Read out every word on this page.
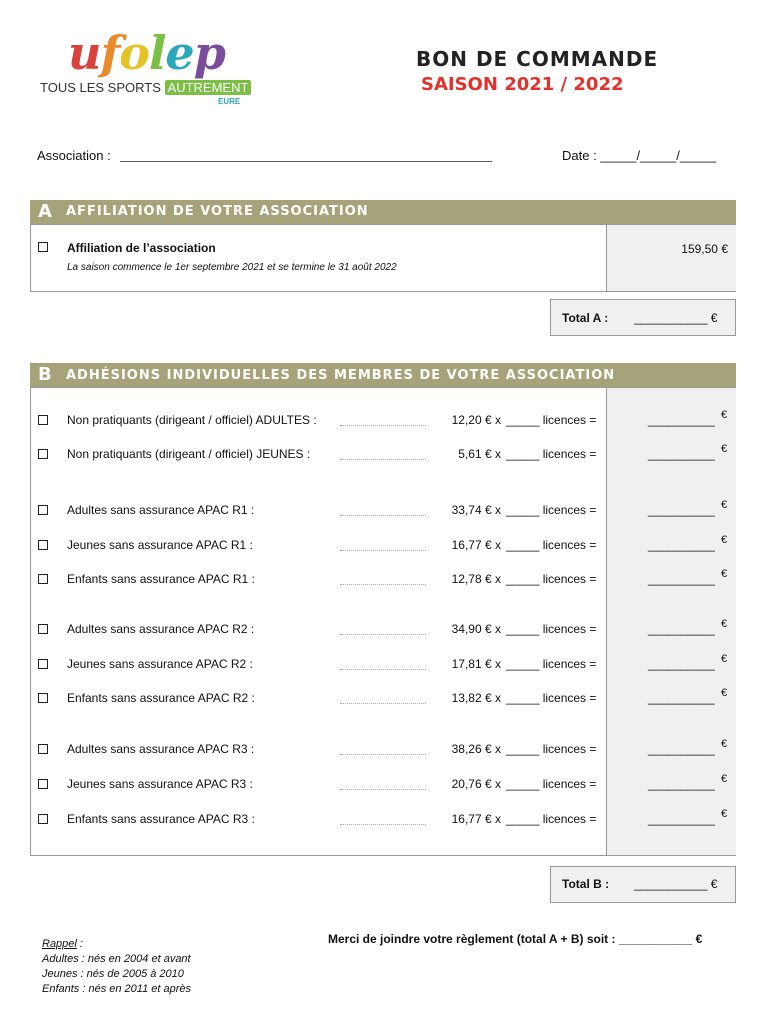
ufolep
TOUS LES SPORTS AUTREMENT
EURE
BON DE COMMANDE
SAISON 2021 / 2022
Association :	Date : _____/_____/_____
A AFFILIATION DE VOTRE ASSOCIATION
Affiliation de l’association
La saison commence le 1er septembre 2021 et se termine le 31 août 2022
159,50 €
Total A : ___________ €
B ADHÉSIONS INDIVIDUELLES DES MEMBRES DE VOTRE ASSOCIATION
Non pratiquants (dirigeant / officiel) ADULTES :	12,20 € x _____ licences =	__________ €
Non pratiquants (dirigeant / officiel) JEUNES :	5,61 € x _____ licences =	__________ €
Adultes sans assurance APAC R1 :	33,74 € x _____ licences =	__________ €
Jeunes sans assurance APAC R1 :	16,77 € x _____ licences =	__________ €
Enfants sans assurance APAC R1 :	12,78 € x _____ licences =	__________ €
Adultes sans assurance APAC R2 :	34,90 € x _____ licences =	__________ €
Jeunes sans assurance APAC R2 :	17,81 € x _____ licences =	__________ €
Enfants sans assurance APAC R2 :	13,82 € x _____ licences =	__________ €
Adultes sans assurance APAC R3 :	38,26 € x _____ licences =	__________ €
Jeunes sans assurance APAC R3 :	20,76 € x _____ licences =	__________ €
Enfants sans assurance APAC R3 :	16,77 € x _____ licences =	__________ €
Total B : ___________ €
Merci de joindre votre règlement (total A + B) soit : ___________ €
Rappel :
Adultes : nés en 2004 et avant
Jeunes : nés de 2005 à 2010
Enfants : nés en 2011 et après
